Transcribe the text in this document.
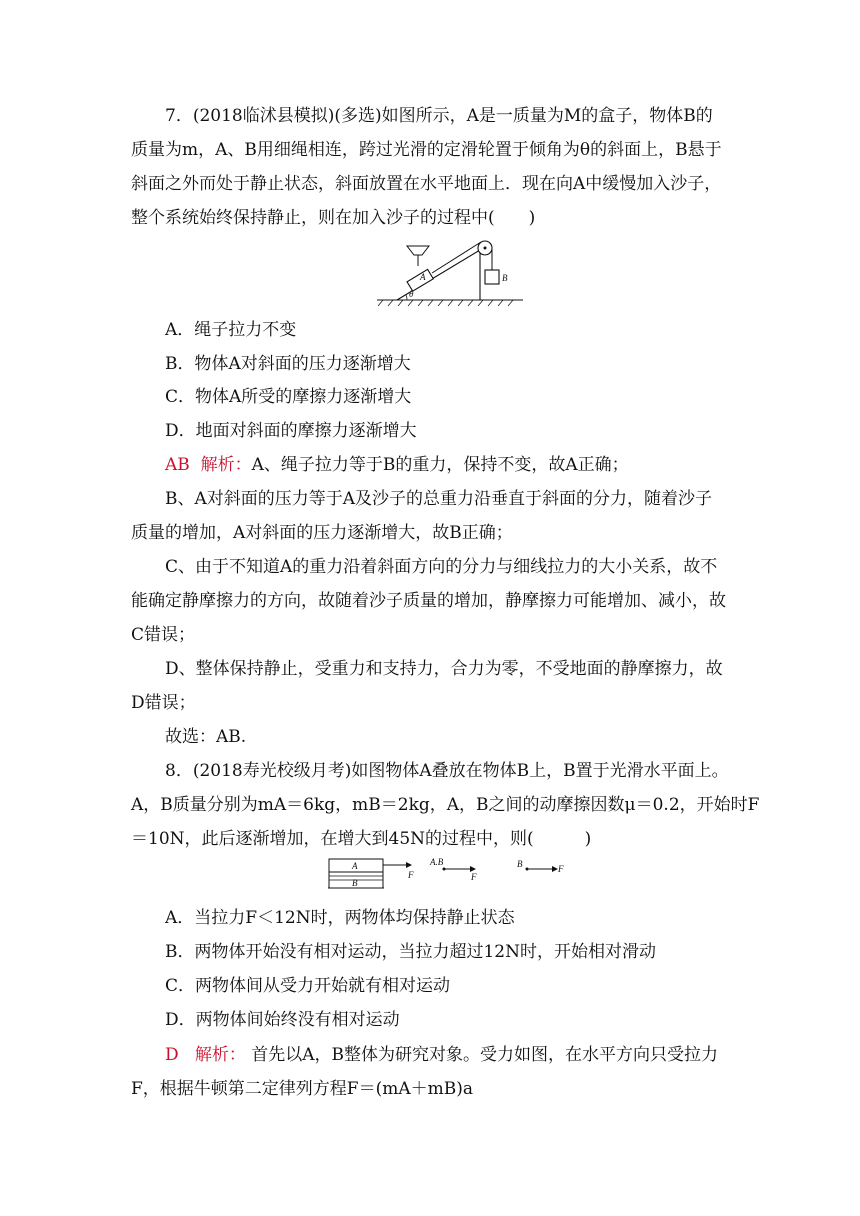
7．(2018临沭县模拟)(多选)如图所示，A是一质量为M的盒子，物体B的
质量为m，A、B用细绳相连，跨过光滑的定滑轮置于倾角为θ的斜面上，B悬于
斜面之外而处于静止状态，斜面放置在水平地面上．现在向A中缓慢加入沙子，
整个系统始终保持静止，则在加入沙子的过程中(　　)
A	B
θ
A．绳子拉力不变
B．物体A对斜面的压力逐渐增大
C．物体A所受的摩擦力逐渐增大
D．地面对斜面的摩擦力逐渐增大
AB 解析：A、绳子拉力等于B的重力，保持不变，故A正确；
B、A对斜面的压力等于A及沙子的总重力沿垂直于斜面的分力，随着沙子
质量的增加，A对斜面的压力逐渐增大，故B正确；
C、由于不知道A的重力沿着斜面方向的分力与细线拉力的大小关系，故不
能确定静摩擦力的方向，故随着沙子质量的增加，静摩擦力可能增加、减小，故
C错误；
D、整体保持静止，受重力和支持力，合力为零，不受地面的静摩擦力，故
D错误；
故选：AB.
8．(2018寿光校级月考)如图物体A叠放在物体B上，B置于光滑水平面上。
A，B质量分别为mA＝6kg，mB＝2kg，A，B之间的动摩擦因数μ＝0.2，开始时F
＝10N，此后逐渐增加，在增大到45N的过程中，则(　　　)
A
B
F
A.B
F
B	F
A．当拉力F＜12N时，两物体均保持静止状态
B．两物体开始没有相对运动，当拉力超过12N时，开始相对滑动
C．两物体间从受力开始就有相对运动
D．两物体间始终没有相对运动
D 解析： 首先以A，B整体为研究对象。受力如图，在水平方向只受拉力
F，根据牛顿第二定律列方程F＝(mA＋mB)a
